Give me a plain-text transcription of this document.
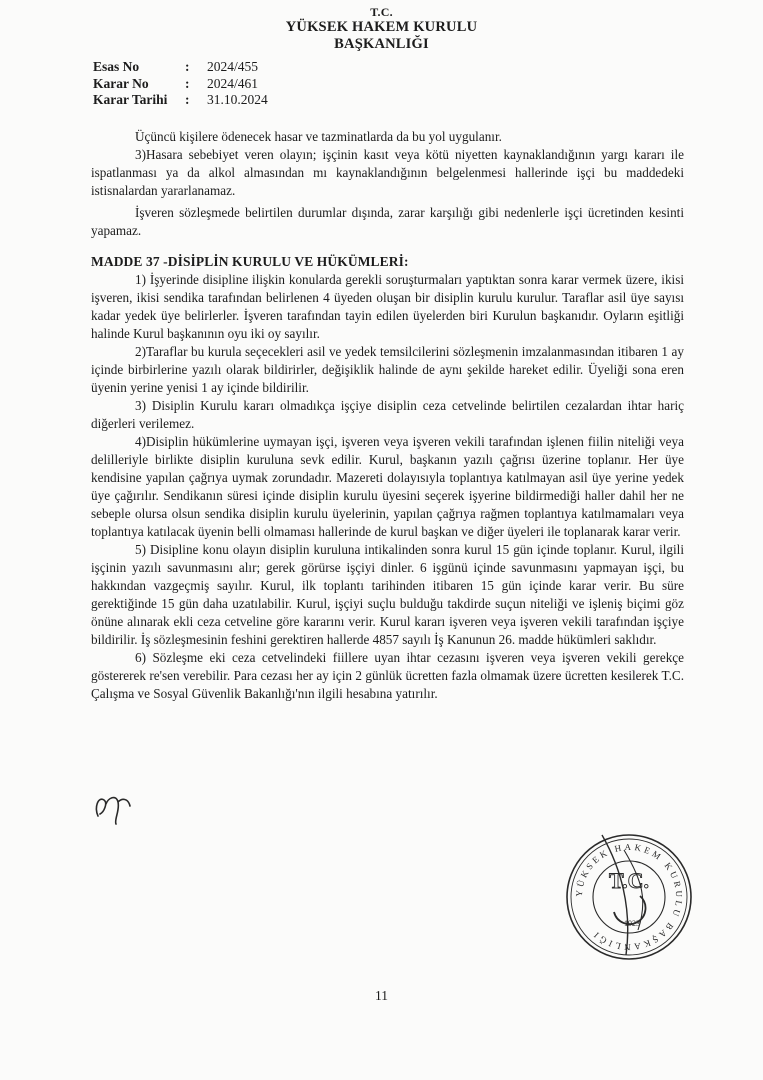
T.C.
YÜKSEK HAKEM KURULU
BAŞKANLIĞI
Esas No	:	2024/455
Karar No	:	2024/461
Karar Tarihi	:	31.10.2024

Üçüncü kişilere ödenecek hasar ve tazminatlarda da bu yol uygulanır.

3)Hasara sebebiyet veren olayın; işçinin kasıt veya kötü niyetten kaynaklandığının yargı kararı ile ispatlanması ya da alkol almasından mı kaynaklandığının belgelenmesi hallerinde işçi bu maddedeki istisnalardan yararlanamaz.

İşveren sözleşmede belirtilen durumlar dışında, zarar karşılığı gibi nedenlerle işçi ücretinden kesinti yapamaz.

MADDE 37 -DİSİPLİN KURULU VE HÜKÜMLERİ:

1) İşyerinde disipline ilişkin konularda gerekli soruşturmaları yaptıktan sonra karar vermek üzere, ikisi işveren, ikisi sendika tarafından belirlenen 4 üyeden oluşan bir disiplin kurulu kurulur. Taraflar asil üye sayısı kadar yedek üye belirlerler. İşveren tarafından tayin edilen üyelerden biri Kurulun başkanıdır. Oyların eşitliği halinde Kurul başkanının oyu iki oy sayılır.

2)Taraflar bu kurula seçecekleri asil ve yedek temsilcilerini sözleşmenin imzalanmasından itibaren 1 ay içinde birbirlerine yazılı olarak bildirirler, değişiklik halinde de aynı şekilde hareket edilir. Üyeliği sona eren üyenin yerine yenisi 1 ay içinde bildirilir.

3) Disiplin Kurulu kararı olmadıkça işçiye disiplin ceza cetvelinde belirtilen cezalardan ihtar hariç diğerleri verilemez.

4)Disiplin hükümlerine uymayan işçi, işveren veya işveren vekili tarafından işlenen fiilin niteliği veya delilleriyle birlikte disiplin kuruluna sevk edilir. Kurul, başkanın yazılı çağrısı üzerine toplanır. Her üye kendisine yapılan çağrıya uymak zorundadır. Mazereti dolayısıyla toplantıya katılmayan asil üye yerine yedek üye çağırılır. Sendikanın süresi içinde disiplin kurulu üyesini seçerek işyerine bildirmediği haller dahil her ne sebeple olursa olsun sendika disiplin kurulu üyelerinin, yapılan çağrıya rağmen toplantıya katılmamaları veya toplantıya katılacak üyenin belli olmaması hallerinde de kurul başkan ve diğer üyeleri ile toplanarak karar verir.

5) Disipline konu olayın disiplin kuruluna intikalinden sonra kurul 15 gün içinde toplanır. Kurul, ilgili işçinin yazılı savunmasını alır; gerek görürse işçiyi dinler. 6 işgünü içinde savunmasını yapmayan işçi, bu hakkından vazgeçmiş sayılır. Kurul, ilk toplantı tarihinden itibaren 15 gün içinde karar verir. Bu süre gerektiğinde 15 gün daha uzatılabilir. Kurul, işçiyi suçlu bulduğu takdirde suçun niteliği ve işleniş biçimi göz önüne alınarak ekli ceza cetveline göre kararını verir. Kurul kararı işveren veya işveren vekili tarafından işçiye bildirilir. İş sözleşmesinin feshini gerektiren hallerde 4857 sayılı İş Kanunun 26. madde hükümleri saklıdır.

6) Sözleşme eki ceza cetvelindeki fiillere uyan ihtar cezasını işveren veya işveren vekili gerekçe göstererek re'sen verebilir. Para cezası her ay için 2 günlük ücretten fazla olmamak üzere ücretten kesilerek T.C. Çalışma ve Sosyal Güvenlik Bakanlığı'nın ilgili hesabına yatırılır.

YÜKSEK HAKEM KURULU BAŞKANLIĞI
T.C.
1923
11
